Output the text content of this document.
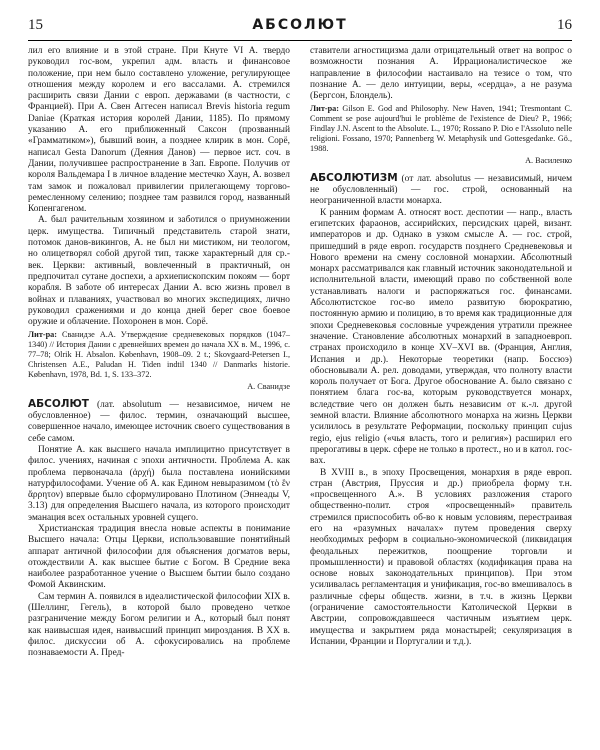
15	АБСОЛЮТ	16

лил его влияние и в этой стране. При Кнуте VI А. твердо руководил гос-вом, укрепил адм. власть и финансовое положение, при нем было составлено уложение, регулирующее отношения между королем и его вассалами. А. стремился расширить связи Дании с европ. державами (в частности, с Францией). При А. Свен Аггесен написал Brevis historia regum Daniae (Краткая история королей Дании, 1185). По прямому указанию А. его приближенный Саксон (прозванный «Грамматиком»), бывший воин, а позднее клирик в мон. Сорё, написал Gesta Danorum (Деяния Данов) — первое ист. соч. в Дании, получившее распространение в Зап. Европе. Получив от короля Вальдемара I в личное владение местечко Хаун, А. возвел там замок и пожаловал привилегии прилегающему торгово-ремесленному селению; позднее там развился город, названный Копенгагеном.

А. был рачительным хозяином и заботился о приумножении церк. имущества. Типичный представитель старой знати, потомок данов-викингов, А. не был ни мистиком, ни теологом, но олицетворял собой другой тип, также характерный для ср.-век. Церкви: активный, вовлеченный в практичный, он предпочитал сутане доспехи, а архиепископским покоям — борт корабля. В заботе об интересах Дании А. всю жизнь провел в войнах и плаваниях, участвовал во многих экспедициях, лично руководил сражениями и до конца дней берег свое боевое оружие и облачение. Похоронен в мон. Сорё.

Лит-ра: Сванидзе А.А. Утверждение средневековых порядков (1047–1340) // История Дании с древнейших времен до начала XX в. М., 1996, с. 77–78; Olrik H. Absalon. København, 1908–09. 2 t.; Skovgaard-Petersen I., Christensen A.E., Paludan H. Tiden indtil 1340 // Danmarks historie. København, 1978, Bd. 1, S. 133–372.

А. Сванидзе

АБСОЛЮТ (лат. absolutum — независимое, ничем не обусловленное) — филос. термин, означающий высшее, совершенное начало, имеющее источник своего существования в себе самом.

Понятие А. как высшего начала имплицитно присутствует в филос. учениях, начиная с эпохи античности. Проблема А. как проблема первоначала (ἀρχή) была поставлена ионийскими натурфилософами. Учение об А. как Едином невыразимом (τὸ ἓν ἄρρητον) впервые было сформулировано Плотином (Эннеады V, 3.13) для определения Высшего начала, из которого происходит эманация всех остальных уровней сущего.

Христианская традиция внесла новые аспекты в понимание Высшего начала: Отцы Церкви, использовавшие понятийный аппарат античной философии для объяснения догматов веры, отождествили А. как высшее бытие с Богом. В Средние века наиболее разработанное учение о Высшем бытии было создано Фомой Аквинским.

Сам термин А. появился в идеалистической философии XIX в. (Шеллинг, Гегель), в которой было проведено четкое разграничение между Богом религии и А., который был понят как наивысшая идея, наивысший принцип мироздания. В XX в. филос. дискуссии об А. сфокусировались на проблеме познаваемости А. Пред-

ставители агностицизма дали отрицательный ответ на вопрос о возможности познания А. Иррационалистическое же направление в философии настаивало на тезисе о том, что познание А. — дело интуиции, веры, «сердца», а не разума (Бергсон, Блондель).

Лит-ра: Gilson E. God and Philosophy. New Haven, 1941; Tresmontant C. Comment se pose aujourd'hui le problème de l'existence de Dieu? P., 1966; Findlay J.N. Ascent to the Absolute. L., 1970; Rossano P. Dio e l'Assoluto nelle religioni. Fossano, 1970; Pannenberg W. Metaphysik und Gottesgedanke. Gö., 1988.

А. Василенко

АБСОЛЮТИЗМ (от лат. absolutus — независимый, ничем не обусловленный) — гос. строй, основанный на неограниченной власти монарха.

К ранним формам А. относят вост. деспотии — напр., власть египетских фараонов, ассирийских, персидских царей, визант. императоров и др. Однако в узком смысле А. — гос. строй, пришедший в ряде европ. государств позднего Средневековья и Нового времени на смену сословной монархии. Абсолютный монарх рассматривался как главный источник законодательной и исполнительной власти, имеющий право по собственной воле устанавливать налоги и распоряжаться гос. финансами. Абсолютистское гос-во имело развитую бюрократию, постоянную армию и полицию, в то время как традиционные для эпохи Средневековья сословные учреждения утратили прежнее значение. Становление абсолютных монархий в западноевроп. странах происходило в конце XV–XVI вв. (Франция, Англия, Испания и др.). Некоторые теоретики (напр. Боссюэ) обосновывали А. рел. доводами, утверждая, что полноту власти король получает от Бога. Другое обоснование А. было связано с понятием блага гос-ва, которым руководствуется монарх, вследствие чего он должен быть независим от к.-л. другой земной власти. Влияние абсолютного монарха на жизнь Церкви усилилось в результате Реформации, поскольку принцип cujus regio, ejus religio («чья власть, того и религия») расширил его прерогативы в церк. сфере не только в протест., но и в катол. гос-вах.

В XVIII в., в эпоху Просвещения, монархия в ряде европ. стран (Австрия, Пруссия и др.) приобрела форму т.н. «просвещенного А.». В условиях разложения старого общественно-полит. строя «просвещенный» правитель стремился приспособить об-во к новым условиям, перестраивая его на «разумных началах» путем проведения сверху необходимых реформ в социально-экономической (ликвидация феодальных пережитков, поощрение торговли и промышленности) и правовой областях (кодификация права на основе новых законодательных принципов). При этом усиливалась регламентация и унификация, гос-во вмешивалось в различные сферы обществ. жизни, в т.ч. в жизнь Церкви (ограничение самостоятельности Католической Церкви в Австрии, сопровождавшееся частичным изъятием церк. имущества и закрытием ряда монастырей; секуляризация в Испании, Франции и Португалии и т.д.).
